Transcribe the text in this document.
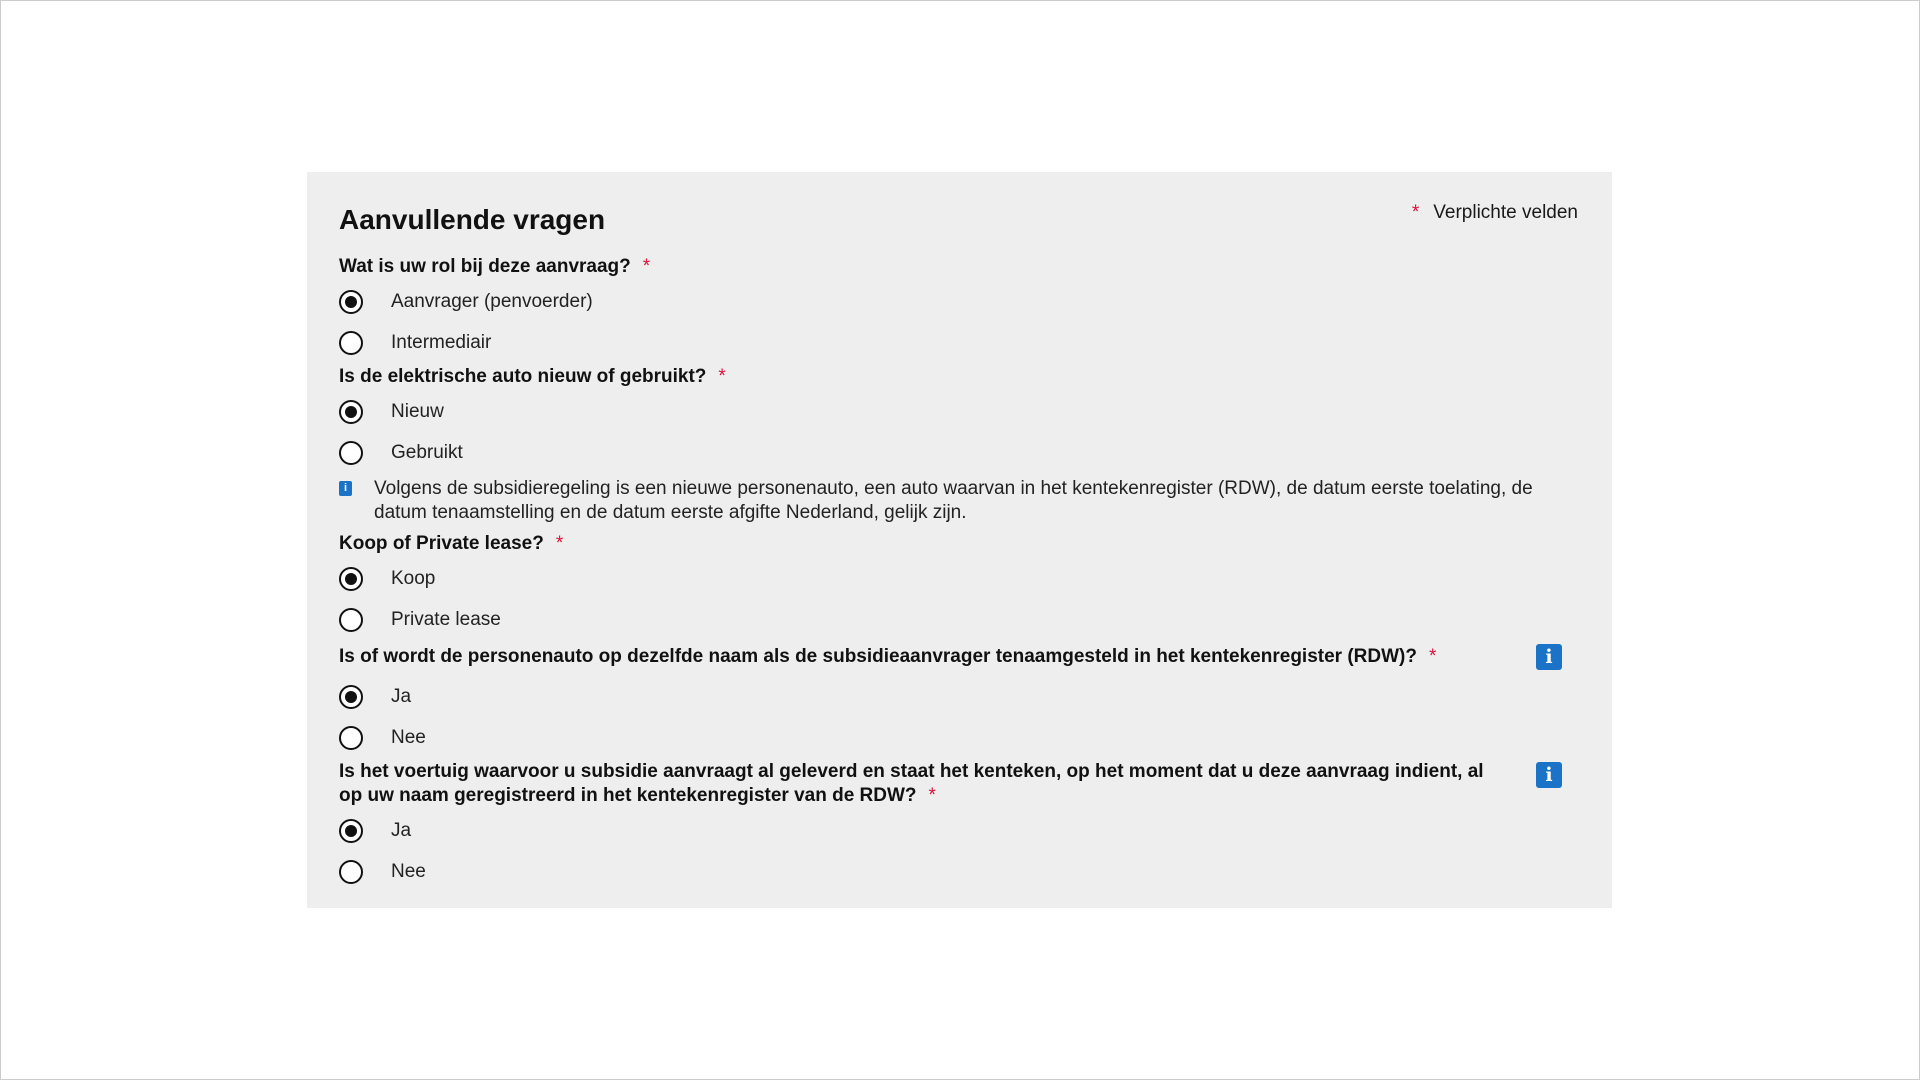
Aanvullende vragen	* Verplichte velden
Wat is uw rol bij deze aanvraag? *
Aanvrager (penvoerder)
Intermediair
Is de elektrische auto nieuw of gebruikt? *
Nieuw
Gebruikt
i Volgens de subsidieregeling is een nieuwe personenauto, een auto waarvan in het kentekenregister (RDW), de datum eerste toelating, de datum tenaamstelling en de datum eerste afgifte Nederland, gelijk zijn.
Koop of Private lease? *
Koop
Private lease
Is of wordt de personenauto op dezelfde naam als de subsidieaanvrager tenaamgesteld in het kentekenregister (RDW)? *	i
Ja
Nee
Is het voertuig waarvoor u subsidie aanvraagt al geleverd en staat het kenteken, op het moment dat u deze aanvraag indient, al op uw naam geregistreerd in het kentekenregister van de RDW? *
i
Ja
Nee
